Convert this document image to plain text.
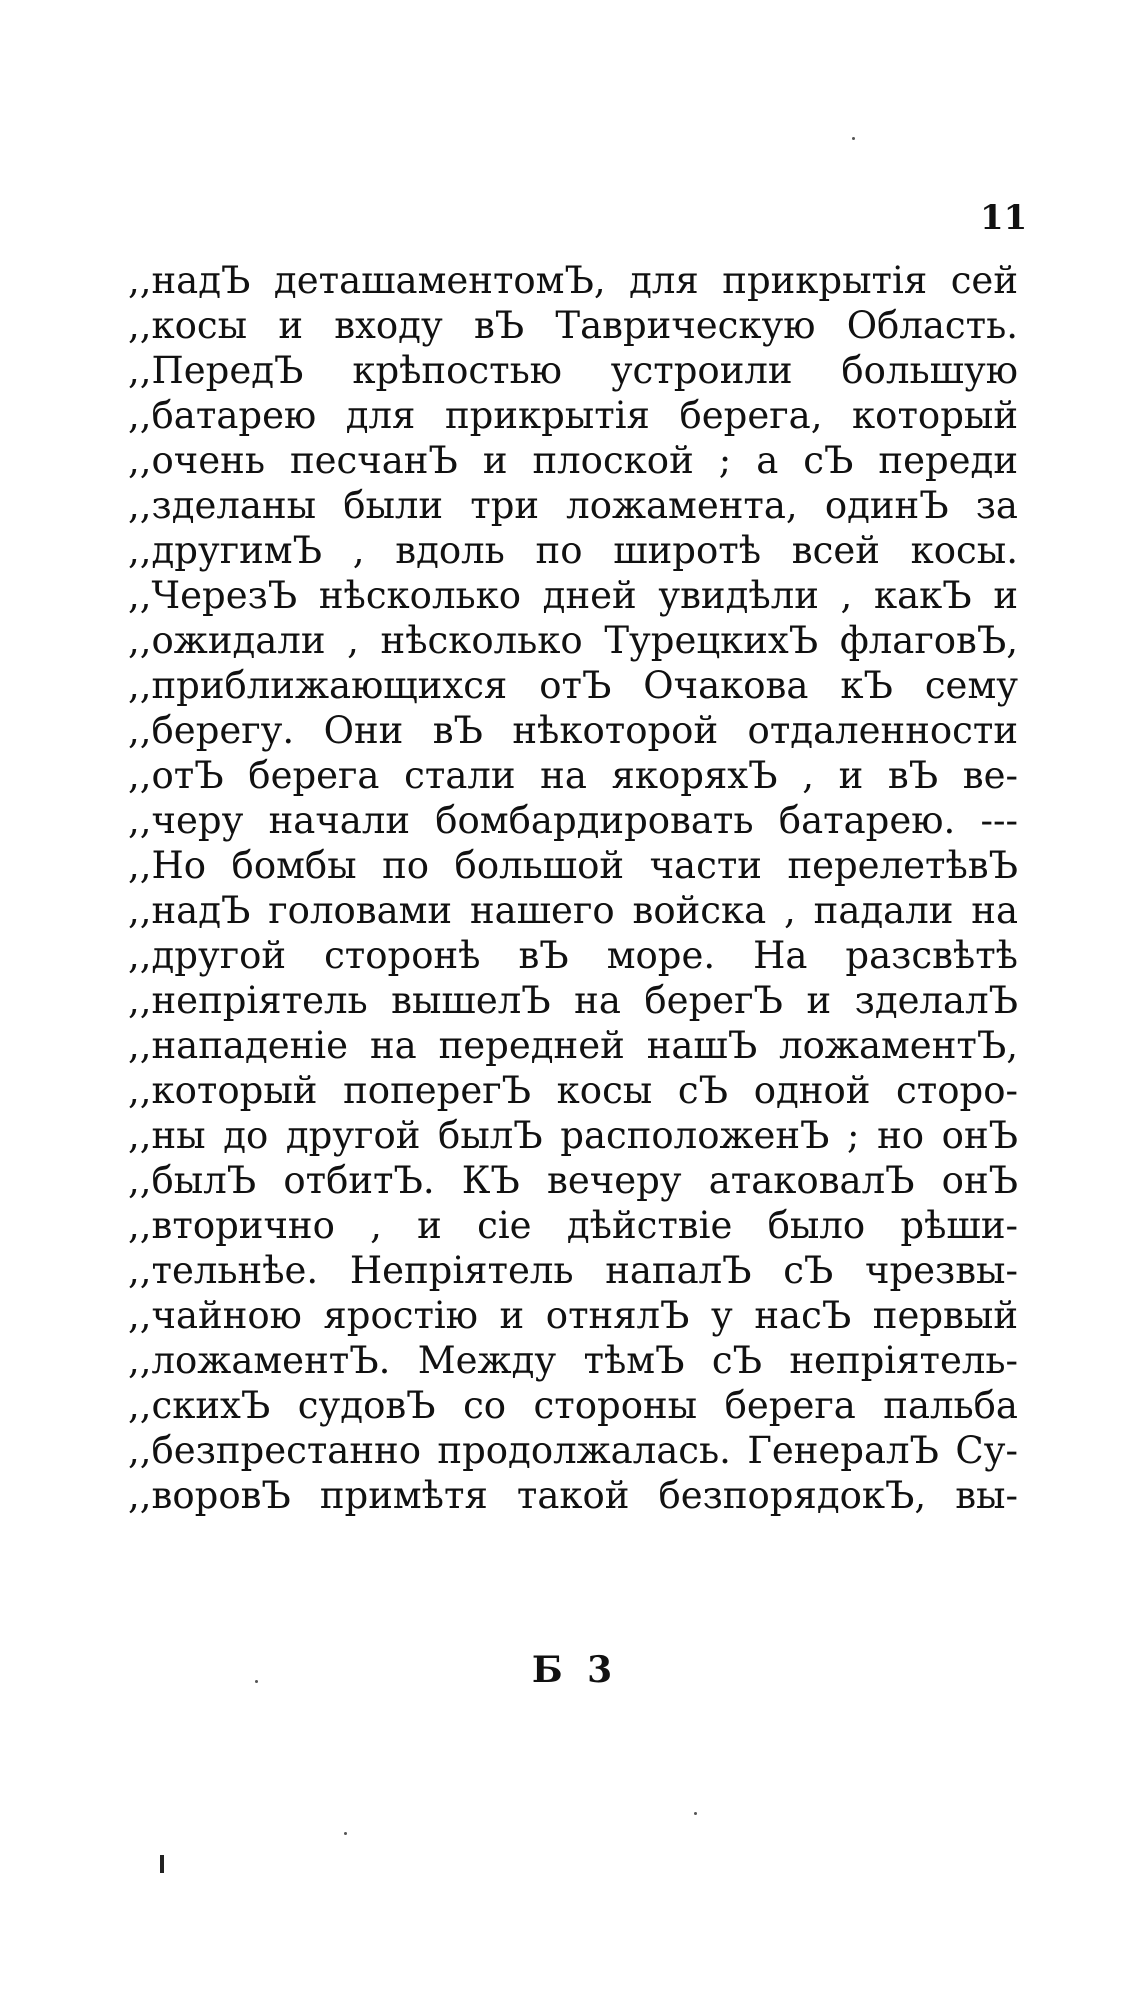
11
,,надЪ деташаментомЪ, для прикрытія сей
,,косы и входу вЪ Таврическую Область.
,,ПередЪ крѣпостью устроили большую
,,батарею для прикрытія берега, который
,,очень песчанЪ и плоской ; а сЪ переди
,,зделаны были три ложамента, одинЪ за
,,другимЪ , вдоль по широтѣ всей косы.
,,ЧерезЪ нѣсколько дней увидѣли , какЪ и
,,ожидали , нѣсколько ТурецкихЪ флаговЪ,
,,приближающихся отЪ Очакова кЪ сему
,,берегу. Они вЪ нѣкоторой отдаленности
,,отЪ берега стали на якоряхЪ , и вЪ ве-
,,черу начали бомбардировать батарею. ---
,,Но бомбы по большой части перелетѣвЪ
,,надЪ головами нашего войска , падали на
,,другой сторонѣ вЪ море. На разсвѣтѣ
,,непріятель вышелЪ на берегЪ и зделалЪ
,,нападеніе на передней нашЪ ложаментЪ,
,,который поперегЪ косы сЪ одной сторо-
,,ны до другой былЪ расположенЪ ; но онЪ
,,былЪ отбитЪ. КЪ вечеру атаковалЪ онЪ
,,вторично , и сіе дѣйствіе было рѣши-
,,тельнѣе. Непріятель напалЪ сЪ чрезвы-
,,чайною яростію и отнялЪ у насЪ первый
,,ложаментЪ. Между тѣмЪ сЪ непріятель-
,,скихЪ судовЪ со стороны берега пальба
,,безпрестанно продолжалась. ГенералЪ Су-
,,воровЪ примѣтя такой безпорядокЪ, вы-
Б 3
